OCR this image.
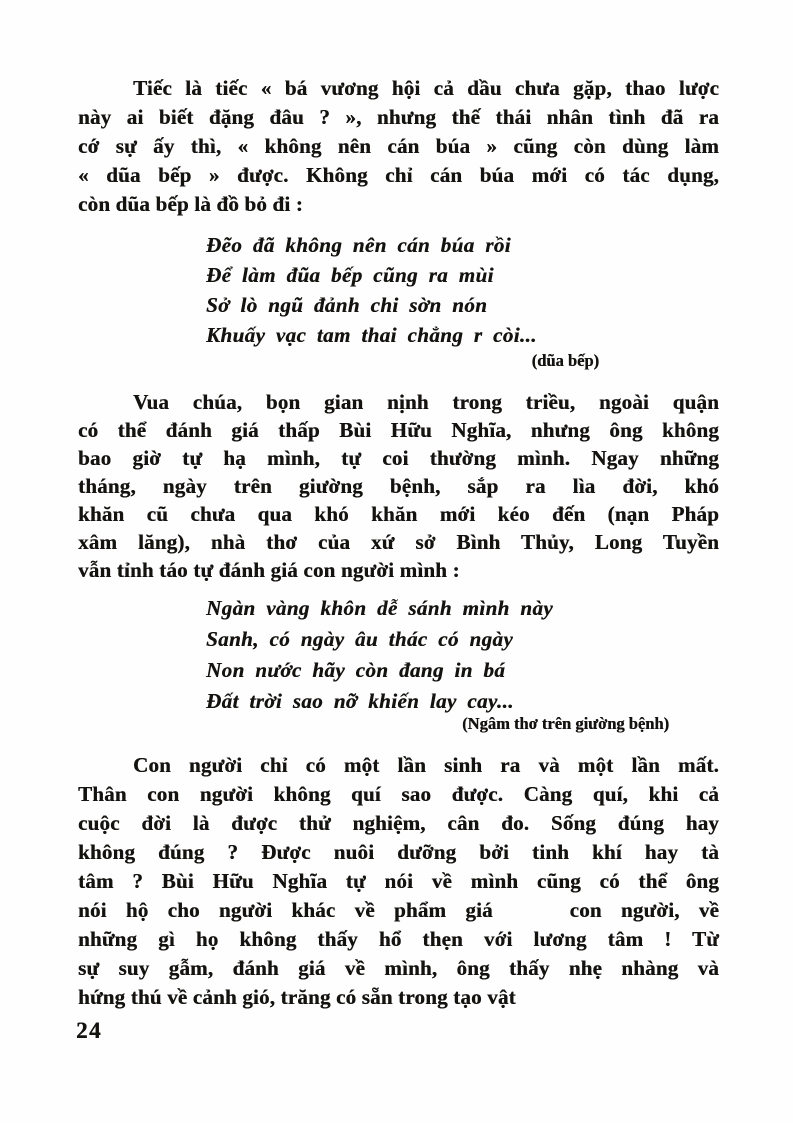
Tiếc là tiếc « bá vương hội cả dầu chưa gặp, thao lược
này ai biết đặng đâu ? », nhưng thế thái nhân tình đã ra
cớ sự ấy thì, « không nên cán búa » cũng còn dùng làm
« dũa bếp » được. Không chỉ cán búa mới có tác dụng,
còn dũa bếp là đồ bỏ đi :
Đẽo đã không nên cán búa rồi
Để làm đũa bếp cũng ra mùi
Sở lò ngũ đảnh chi sờn nón
Khuấy vạc tam thai chẳng r còi...
(dũa bếp)
Vua chúa, bọn gian nịnh trong triều, ngoài quận
có thể đánh giá thấp Bùi Hữu Nghĩa, nhưng ông không
bao giờ tự hạ mình, tự coi thường mình. Ngay những
tháng, ngày trên giường bệnh, sắp ra lìa đời, khó
khăn cũ chưa qua khó khăn mới kéo đến (nạn Pháp
xâm lăng), nhà thơ của xứ sở Bình Thủy, Long Tuyền
vẫn tỉnh táo tự đánh giá con người mình :
Ngàn vàng khôn dễ sánh mình này
Sanh, có ngày âu thác có ngày
Non nước hãy còn đang in bá
Đất trời sao nỡ khiến lay cay...
(Ngâm thơ trên giường bệnh)
Con người chỉ có một lần sinh ra và một lần mất.
Thân con người không quí sao được. Càng quí, khi cả
cuộc đời là được thử nghiệm, cân đo. Sống đúng hay
không đúng ? Được nuôi dưỡng bởi tinh khí hay tà
tâm ? Bùi Hữu Nghĩa tự nói về mình cũng có thể ông
nói hộ cho người khác về phẩm giá    con người, về
những gì họ không thấy hổ thẹn với lương tâm ! Từ
sự suy gẫm, đánh giá về mình, ông thấy nhẹ nhàng và
hứng thú về cảnh gió, trăng có sẵn trong tạo vật
24
